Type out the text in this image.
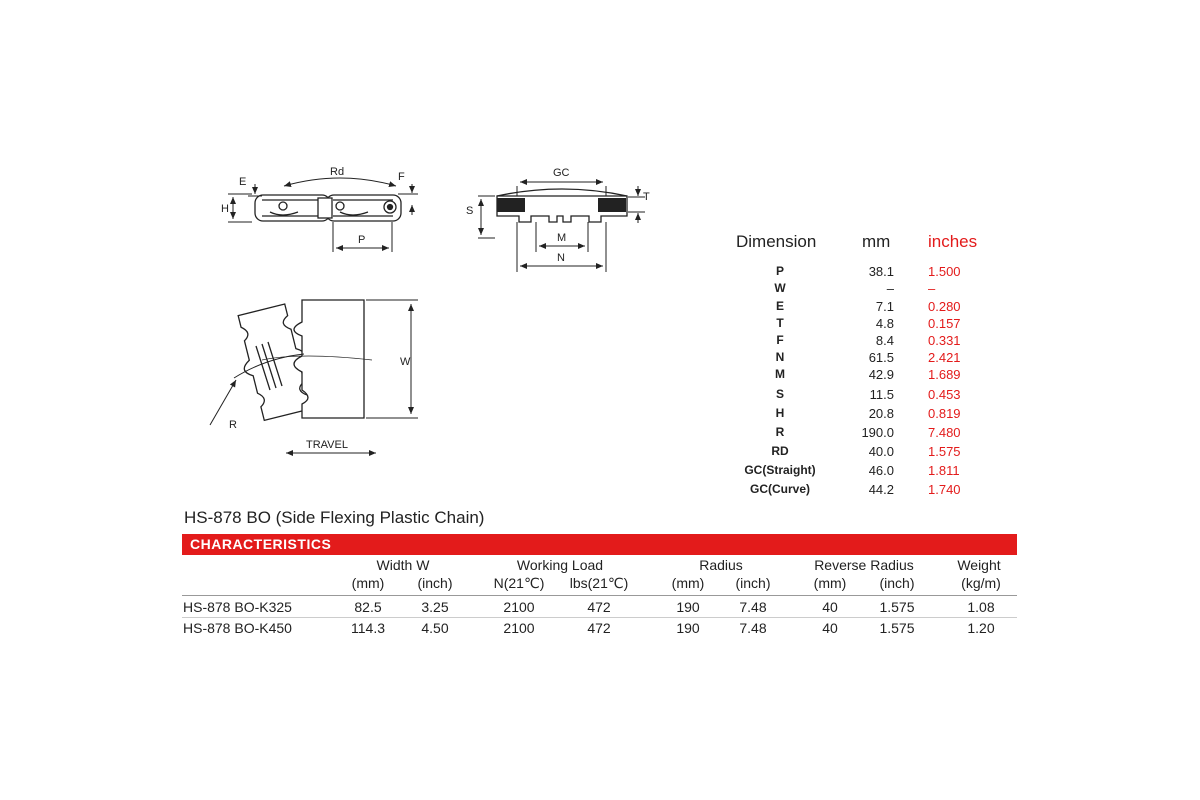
Rd
H
E	F
P
GC
S
T
M
N
W
R
TRAVEL
Dimension	mm inches
P	38.1	1.500
W	–	–
E	7.1	0.280
T	4.8	0.157
F	8.4	0.331
N	61.5	2.421
M	42.9	1.689
S	11.5	0.453
H	20.8	0.819
R	190.0	7.480
RD	40.0	1.575
GC(Straight)	46.0	1.811
GC(Curve)	44.2	1.740
HS-878 BO (Side Flexing Plastic Chain)
CHARACTERISTICS
Width W	Working Load	Radius	Reverse Radius	Weight
(mm)	(inch)	N(21℃)	lbs(21℃)	(mm)	(inch)	(mm)	(inch)	(kg/m)
HS-878 BO-K325	82.5	3.25	2100	472	190	7.48	40	1.575	1.08
HS-878 BO-K450	114.3	4.50	2100	472	190	7.48	40	1.575	1.20
